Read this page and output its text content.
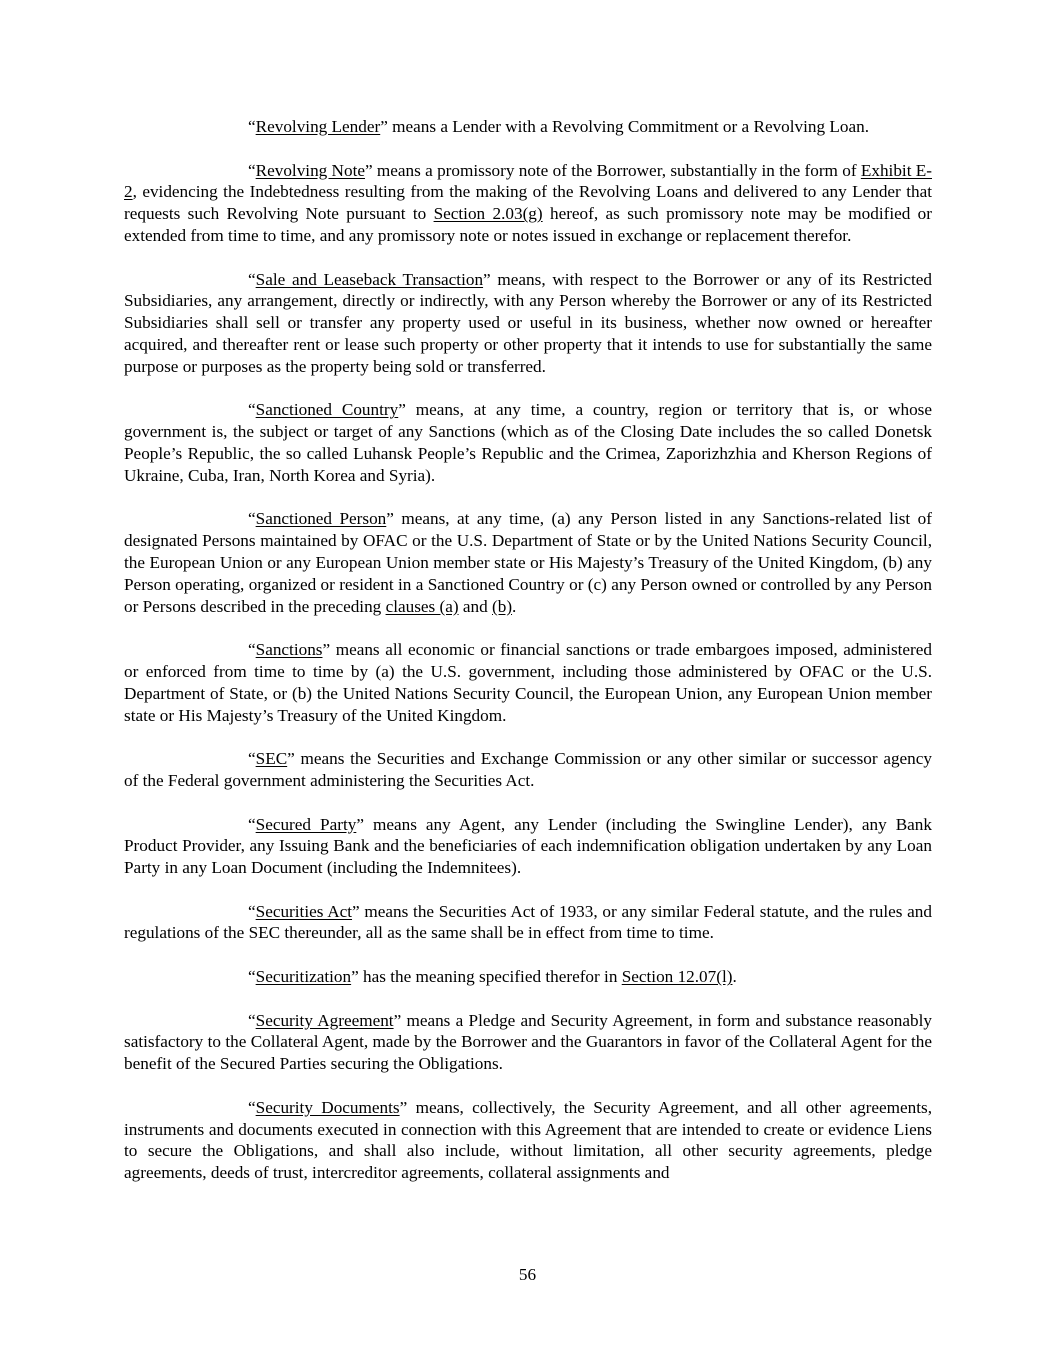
“Revolving Lender” means a Lender with a Revolving Commitment or a Revolving Loan.

“Revolving Note” means a promissory note of the Borrower, substantially in the form of Exhibit E-2, evidencing the Indebtedness resulting from the making of the Revolving Loans and delivered to any Lender that requests such Revolving Note pursuant to Section 2.03(g) hereof, as such promissory note may be modified or extended from time to time, and any promissory note or notes issued in exchange or replacement therefor.

“Sale and Leaseback Transaction” means, with respect to the Borrower or any of its Restricted Subsidiaries, any arrangement, directly or indirectly, with any Person whereby the Borrower or any of its Restricted Subsidiaries shall sell or transfer any property used or useful in its business, whether now owned or hereafter acquired, and thereafter rent or lease such property or other property that it intends to use for substantially the same purpose or purposes as the property being sold or transferred.

“Sanctioned Country” means, at any time, a country, region or territory that is, or whose government is, the subject or target of any Sanctions (which as of the Closing Date includes the so called Donetsk People’s Republic, the so called Luhansk People’s Republic and the Crimea, Zaporizhzhia and Kherson Regions of Ukraine, Cuba, Iran, North Korea and Syria).

“Sanctioned Person” means, at any time, (a) any Person listed in any Sanctions-related list of designated Persons maintained by OFAC or the U.S. Department of State or by the United Nations Security Council, the European Union or any European Union member state or His Majesty’s Treasury of the United Kingdom, (b) any Person operating, organized or resident in a Sanctioned Country or (c) any Person owned or controlled by any Person or Persons described in the preceding clauses (a) and (b).

“Sanctions” means all economic or financial sanctions or trade embargoes imposed, administered or enforced from time to time by (a) the U.S. government, including those administered by OFAC or the U.S. Department of State, or (b) the United Nations Security Council, the European Union, any European Union member state or His Majesty’s Treasury of the United Kingdom.

“SEC” means the Securities and Exchange Commission or any other similar or successor agency of the Federal government administering the Securities Act.

“Secured Party” means any Agent, any Lender (including the Swingline Lender), any Bank Product Provider, any Issuing Bank and the beneficiaries of each indemnification obligation undertaken by any Loan Party in any Loan Document (including the Indemnitees).

“Securities Act” means the Securities Act of 1933, or any similar Federal statute, and the rules and regulations of the SEC thereunder, all as the same shall be in effect from time to time.

“Securitization” has the meaning specified therefor in Section 12.07(l).

“Security Agreement” means a Pledge and Security Agreement, in form and substance reasonably satisfactory to the Collateral Agent, made by the Borrower and the Guarantors in favor of the Collateral Agent for the benefit of the Secured Parties securing the Obligations.

“Security Documents” means, collectively, the Security Agreement, and all other agreements, instruments and documents executed in connection with this Agreement that are intended to create or evidence Liens to secure the Obligations, and shall also include, without limitation, all other security agreements, pledge agreements, deeds of trust, intercreditor agreements, collateral assignments and

56
